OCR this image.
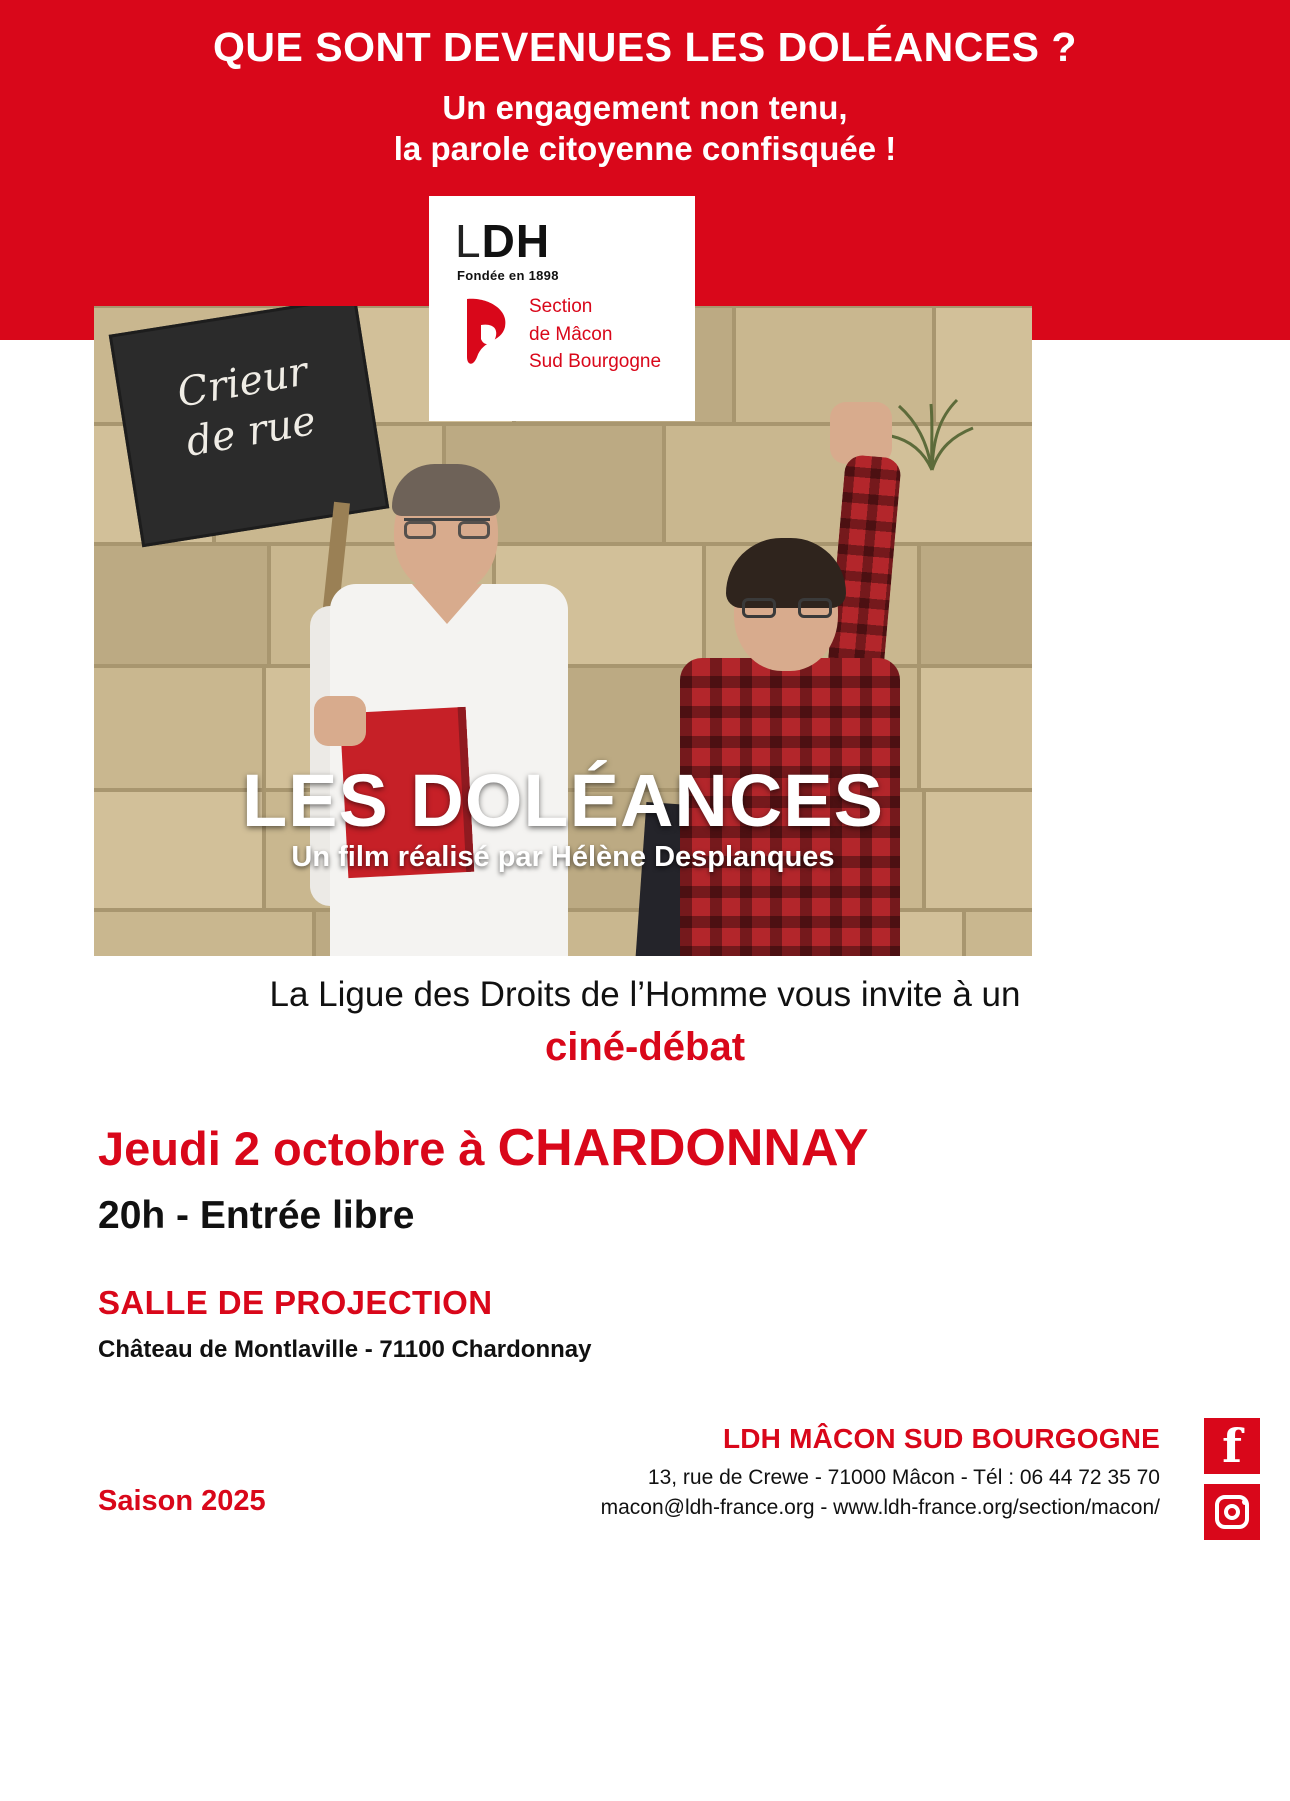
QUE SONT DEVENUES LES DOLÉANCES ?
Un engagement non tenu,
la parole citoyenne confisquée !
Crieur
de rue
LES DOLÉANCES
Un film réalisé par Hélène Desplanques
LDH
Fondée en 1898
Section
de Mâcon
Sud Bourgogne
La Ligue des Droits de l’Homme vous invite à un
ciné-débat
Jeudi 2 octobre à CHARDONNAY
20h - Entrée libre
SALLE DE PROJECTION
Château de Montlaville - 71100 Chardonnay
Saison 2025
LDH MÂCON SUD BOURGOGNE
13, rue de Crewe - 71000 Mâcon - Tél : 06 44 72 35 70
macon@ldh-france.org - www.ldh-france.org/section/macon/
f
